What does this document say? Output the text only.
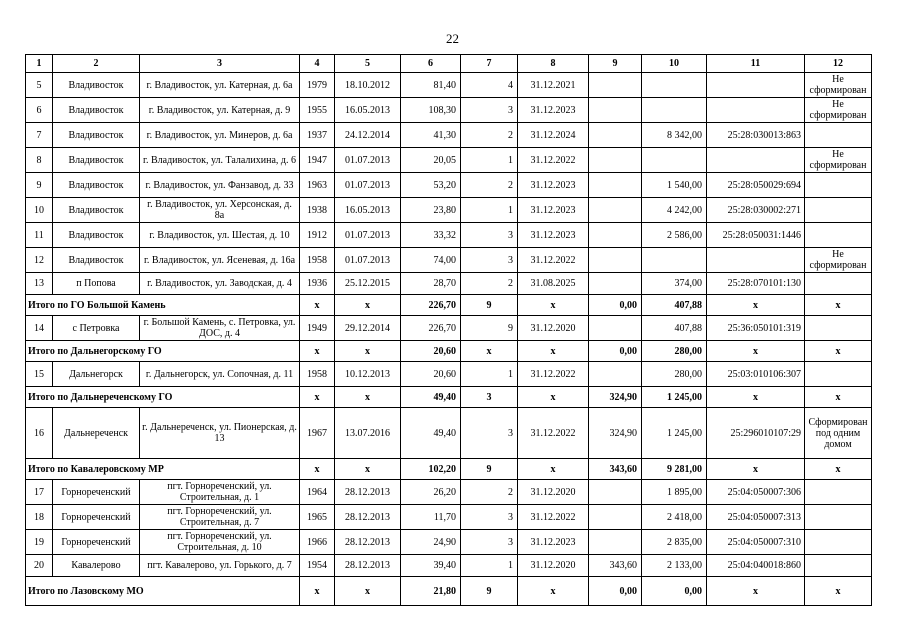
22
1	2	3	4	5	6	7	8	9	10	11	12
5	Владивосток	г. Владивосток, ул. Катерная, д. 6а	1979	18.10.2012	81,40	4	31.12.2021				Не сформирован
6	Владивосток	г. Владивосток, ул. Катерная, д. 9	1955	16.05.2013	108,30	3	31.12.2023				Не сформирован
7	Владивосток	г. Владивосток, ул. Минеров, д. 6а	1937	24.12.2014	41,30	2	31.12.2024		8 342,00	25:28:030013:863	
8	Владивосток	г. Владивосток, ул. Талалихина, д. 6	1947	01.07.2013	20,05	1	31.12.2022				Не сформирован
9	Владивосток	г. Владивосток, ул. Фанзавод, д. 33	1963	01.07.2013	53,20	2	31.12.2023		1 540,00	25:28:050029:694	
10	Владивосток	г. Владивосток, ул. Херсонская, д. 8а	1938	16.05.2013	23,80	1	31.12.2023		4 242,00	25:28:030002:271	
11	Владивосток	г. Владивосток, ул. Шестая, д. 10	1912	01.07.2013	33,32	3	31.12.2023		2 586,00	25:28:050031:1446	
12	Владивосток	г. Владивосток, ул. Ясеневая, д. 16а	1958	01.07.2013	74,00	3	31.12.2022				Не сформирован
13	п Попова	г. Владивосток, ул. Заводская, д. 4	1936	25.12.2015	28,70	2	31.08.2025		374,00	25:28:070101:130	
Итого по ГО Большой Камень			х	х	226,70	9	х	0,00	407,88	х	х
14	с Петровка	г. Большой Камень, с. Петровка, ул. ДОС, д. 4	1949	29.12.2014	226,70	9	31.12.2020		407,88	25:36:050101:319	
Итого по Дальнегорскому ГО			х	х	20,60	х	х	0,00	280,00	х	х
15	Дальнегорск	г. Дальнегорск, ул. Сопочная, д. 11	1958	10.12.2013	20,60	1	31.12.2022		280,00	25:03:010106:307	
Итого по Дальнереченскому ГО			х	х	49,40	3	х	324,90	1 245,00	х	х
16	Дальнереченск	г. Дальнереченск, ул. Пионерская, д. 13	1967	13.07.2016	49,40	3	31.12.2022	324,90	1 245,00	25:296010107:29	Сформирован под одним домом
Итого по Кавалеровскому МР			х	х	102,20	9	х	343,60	9 281,00	х	х
17	Горнореченский	пгт. Горнореченский, ул. Строительная, д. 1	1964	28.12.2013	26,20	2	31.12.2020		1 895,00	25:04:050007:306	
18	Горнореченский	пгт. Горнореченский, ул. Строительная, д. 7	1965	28.12.2013	11,70	3	31.12.2022		2 418,00	25:04:050007:313	
19	Горнореченский	пгт. Горнореченский, ул. Строительная, д. 10	1966	28.12.2013	24,90	3	31.12.2023		2 835,00	25:04:050007:310	
20	Кавалерово	пгт. Кавалерово, ул. Горького, д. 7	1954	28.12.2013	39,40	1	31.12.2020	343,60	2 133,00	25:04:040018:860	
Итого по Лазовскому МО			х	х	21,80	9	х	0,00	0,00	х	х
